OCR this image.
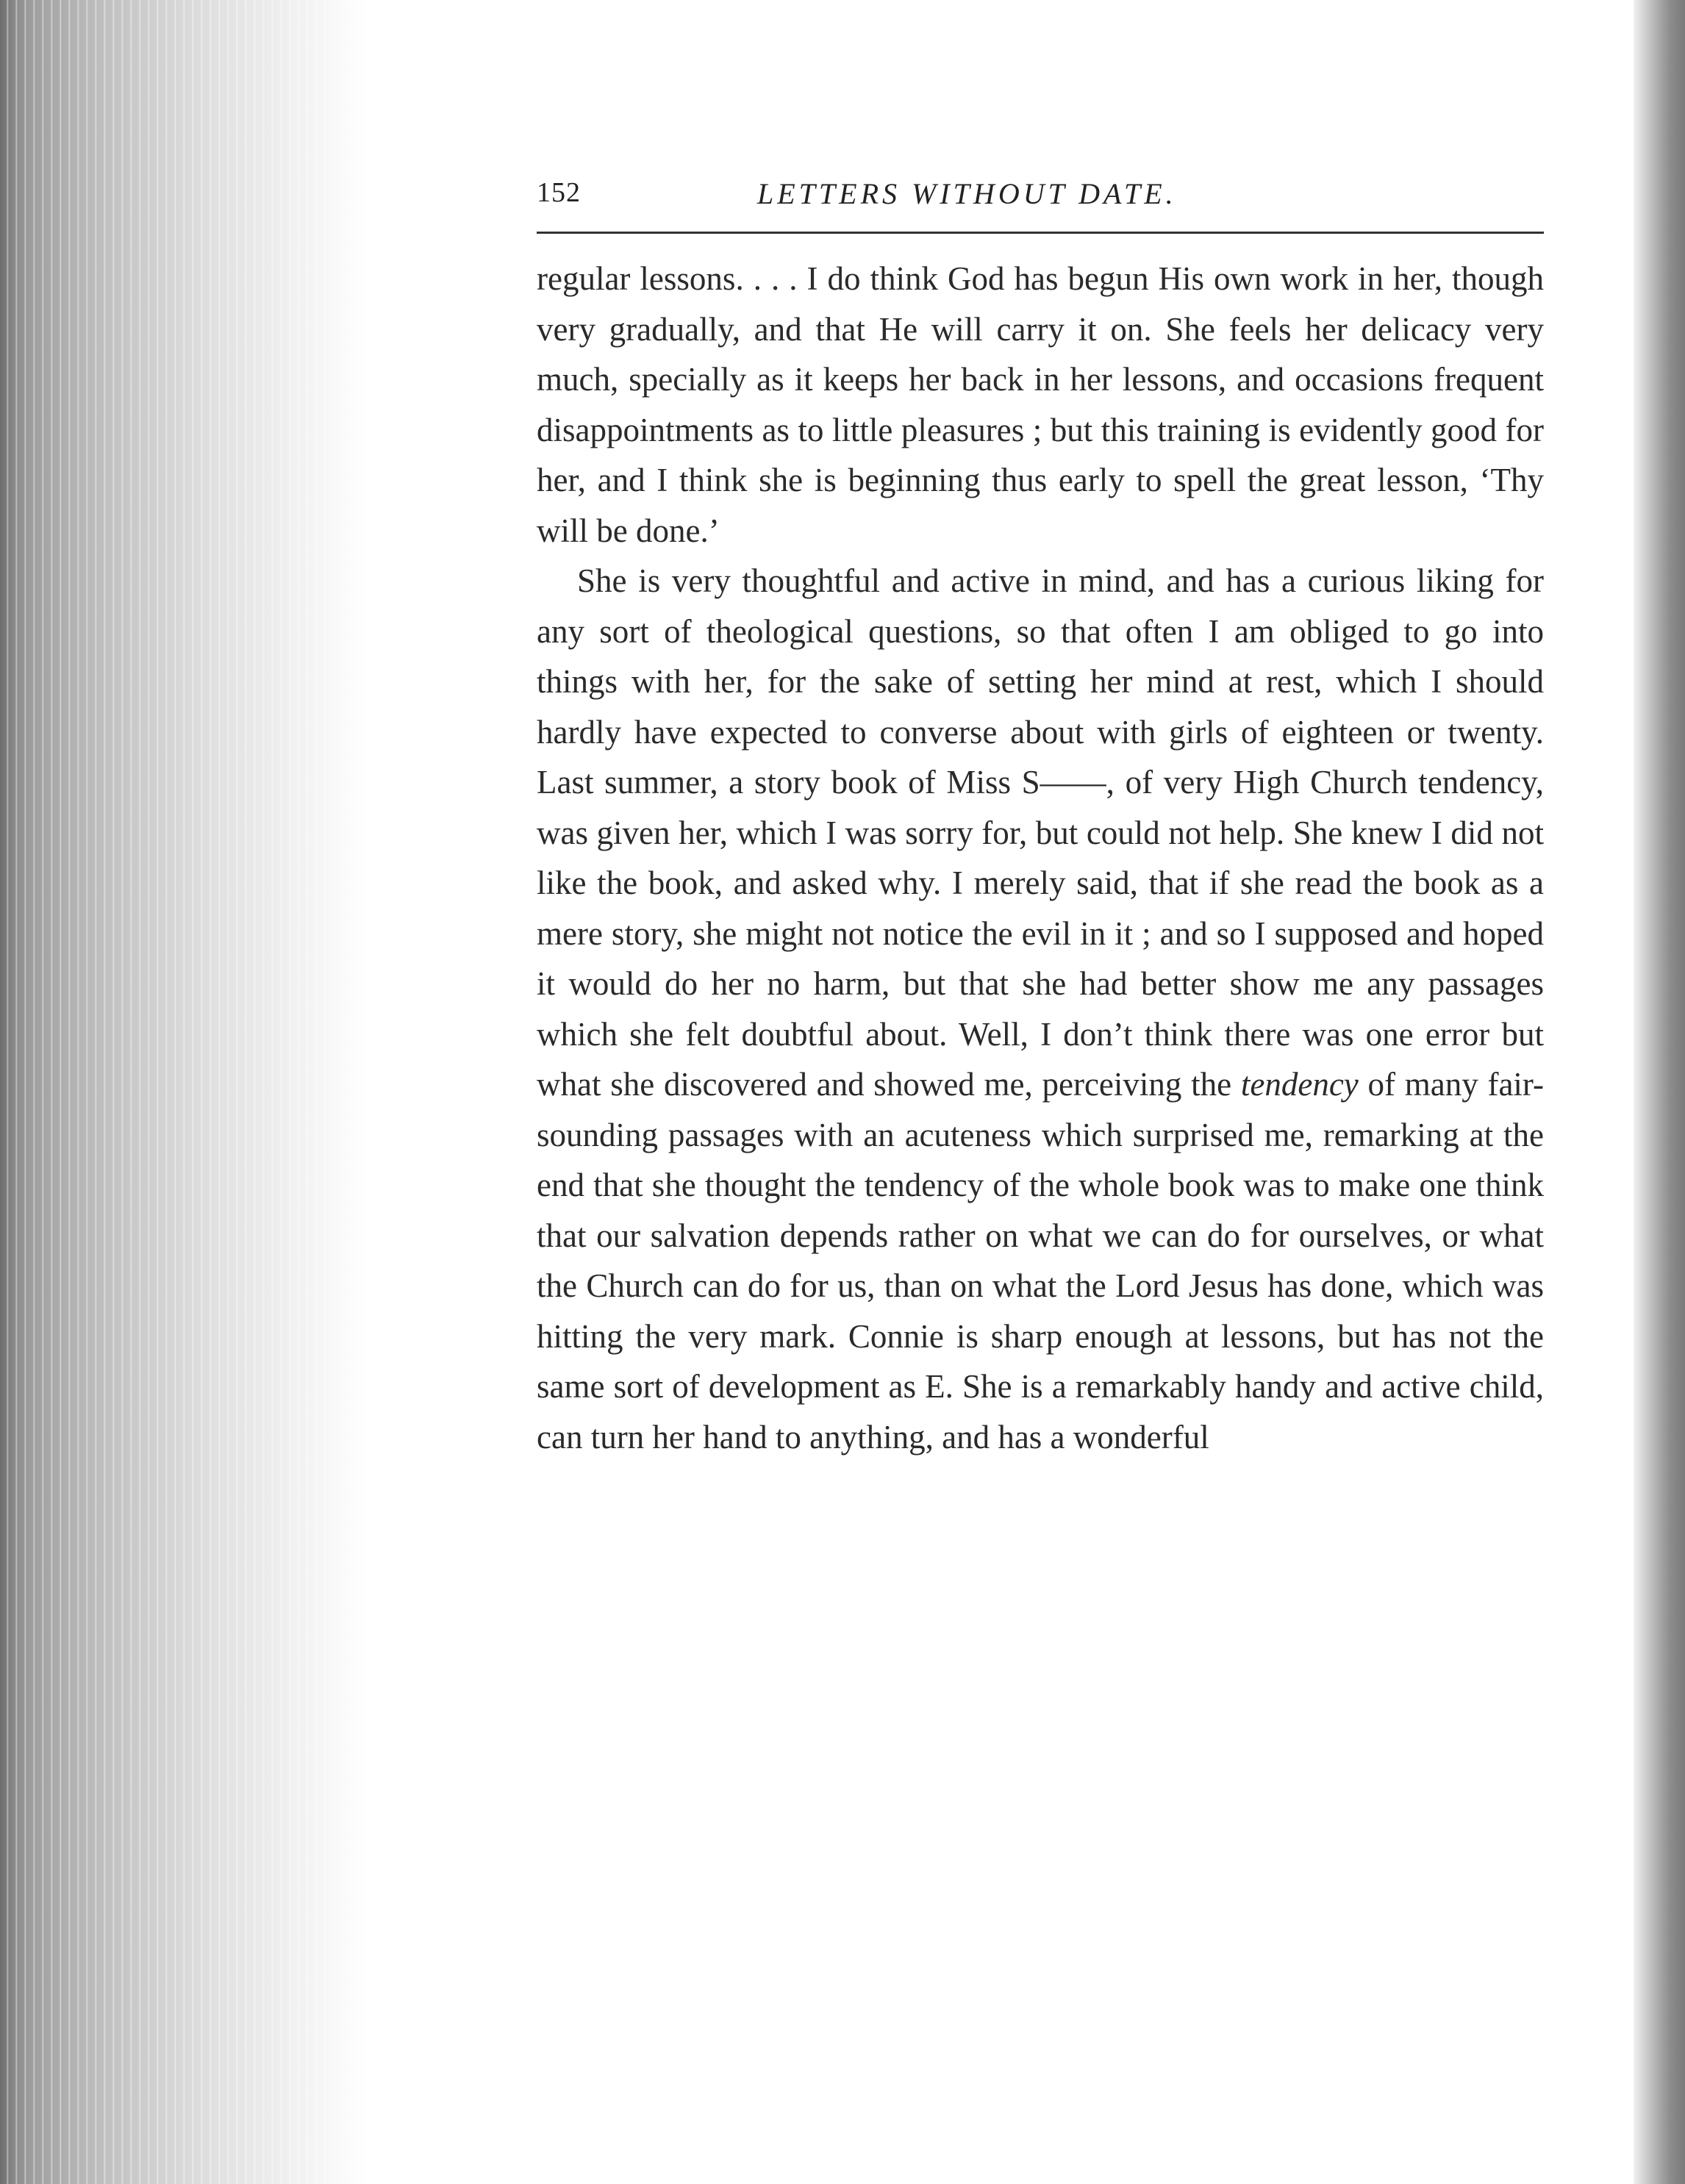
152	LETTERS WITHOUT DATE.

regular lessons. . . . I do think God has begun His own work in her, though very gradually, and that He will carry it on. She feels her delicacy very much, specially as it keeps her back in her lessons, and occasions frequent disappointments as to little pleasures ; but this training is evidently good for her, and I think she is beginning thus early to spell the great lesson, ‘Thy will be done.’

She is very thoughtful and active in mind, and has a curious liking for any sort of theological questions, so that often I am obliged to go into things with her, for the sake of setting her mind at rest, which I should hardly have expected to converse about with girls of eighteen or twenty. Last summer, a story book of Miss S——, of very High Church tendency, was given her, which I was sorry for, but could not help. She knew I did not like the book, and asked why. I merely said, that if she read the book as a mere story, she might not notice the evil in it ; and so I supposed and hoped it would do her no harm, but that she had better show me any passages which she felt doubtful about. Well, I don’t think there was one error but what she discovered and showed me, perceiving the tendency of many fair-sounding passages with an acuteness which surprised me, remarking at the end that she thought the tendency of the whole book was to make one think that our salvation depends rather on what we can do for ourselves, or what the Church can do for us, than on what the Lord Jesus has done, which was hitting the very mark. Connie is sharp enough at lessons, but has not the same sort of development as E. She is a remarkably handy and active child, can turn her hand to anything, and has a wonderful
